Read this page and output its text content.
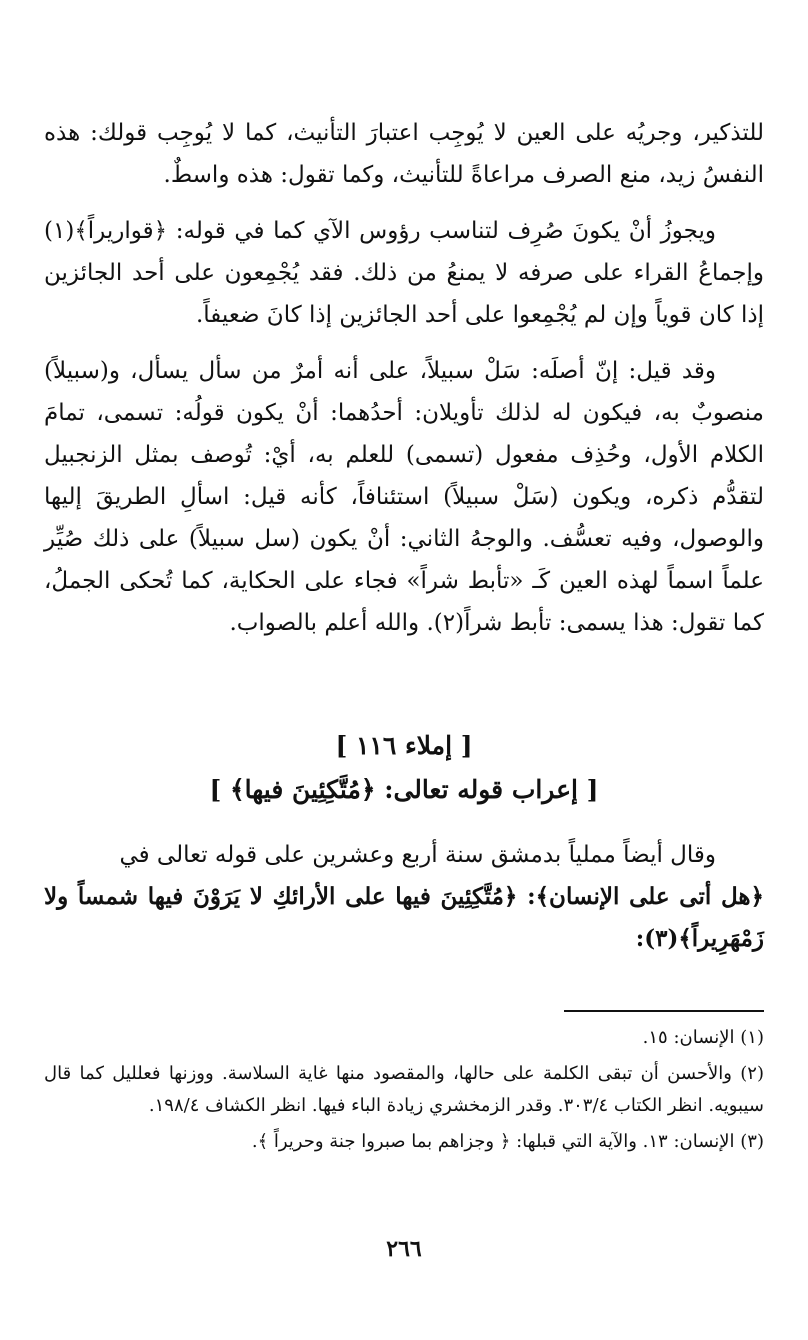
للتذكير، وجريُه على العين لا يُوجِب اعتبارَ التأنيث، كما لا يُوجِب قولك: هذه النفسُ زيد، منع الصرف مراعاةً للتأنيث، وكما تقول: هذه واسطٌ.

ويجوزُ أنْ يكونَ صُرِف لتناسب رؤوس الآي كما في قوله: ﴿قواريراً﴾(١) وإجماعُ القراء على صرفه لا يمنعُ من ذلك. فقد يُجْمِعون على أحد الجائزين إذا كان قوياً وإن لم يُجْمِعوا على أحد الجائزين إذا كانَ ضعيفاً.

وقد قيل: إنّ أصلَه: سَلْ سبيلاً، على أنه أمرٌ من سأل يسأل، و(سبيلاً) منصوبٌ به، فيكون له لذلك تأويلان: أحدُهما: أنْ يكون قولُه: تسمى، تمامَ الكلام الأول، وحُذِف مفعول (تسمى) للعلم به، أيْ: تُوصف بمثل الزنجبيل لتقدُّم ذكره، ويكون (سَلْ سبيلاً) استئنافاً، كأنه قيل: اسألِ الطريقَ إليها والوصول، وفيه تعسُّف. والوجهُ الثاني: أنْ يكون (سل سبيلاً) على ذلك صُيِّر علماً اسماً لهذه العين كَـ «تأبط شراً» فجاء على الحكاية، كما تُحكى الجملُ، كما تقول: هذا يسمى: تأبط شراً(٢). والله أعلم بالصواب.

[ إملاء ١١٦ ]
[ إعراب قوله تعالى: ﴿مُتَّكِئِينَ فيها﴾ ]

وقال أيضاً مملياً بدمشق سنة أربع وعشرين على قوله تعالى في

﴿هل أتى على الإنسان﴾: ﴿مُتَّكِئِينَ فيها على الأرائكِ لا يَرَوْنَ فيها شمساً ولا زَمْهَرِيراً﴾(٣):

(١) الإنسان: ١٥.
(٢) والأحسن أن تبقى الكلمة على حالها، والمقصود منها غاية السلاسة. ووزنها فعلليل كما قال سيبويه. انظر الكتاب ٣٠٣/٤. وقدر الزمخشري زيادة الباء فيها. انظر الكشاف ١٩٨/٤.
(٣) الإنسان: ١٣. والآية التي قبلها: ﴿ وجزاهم بما صبروا جنة وحريراً ﴾.
٢٦٦
